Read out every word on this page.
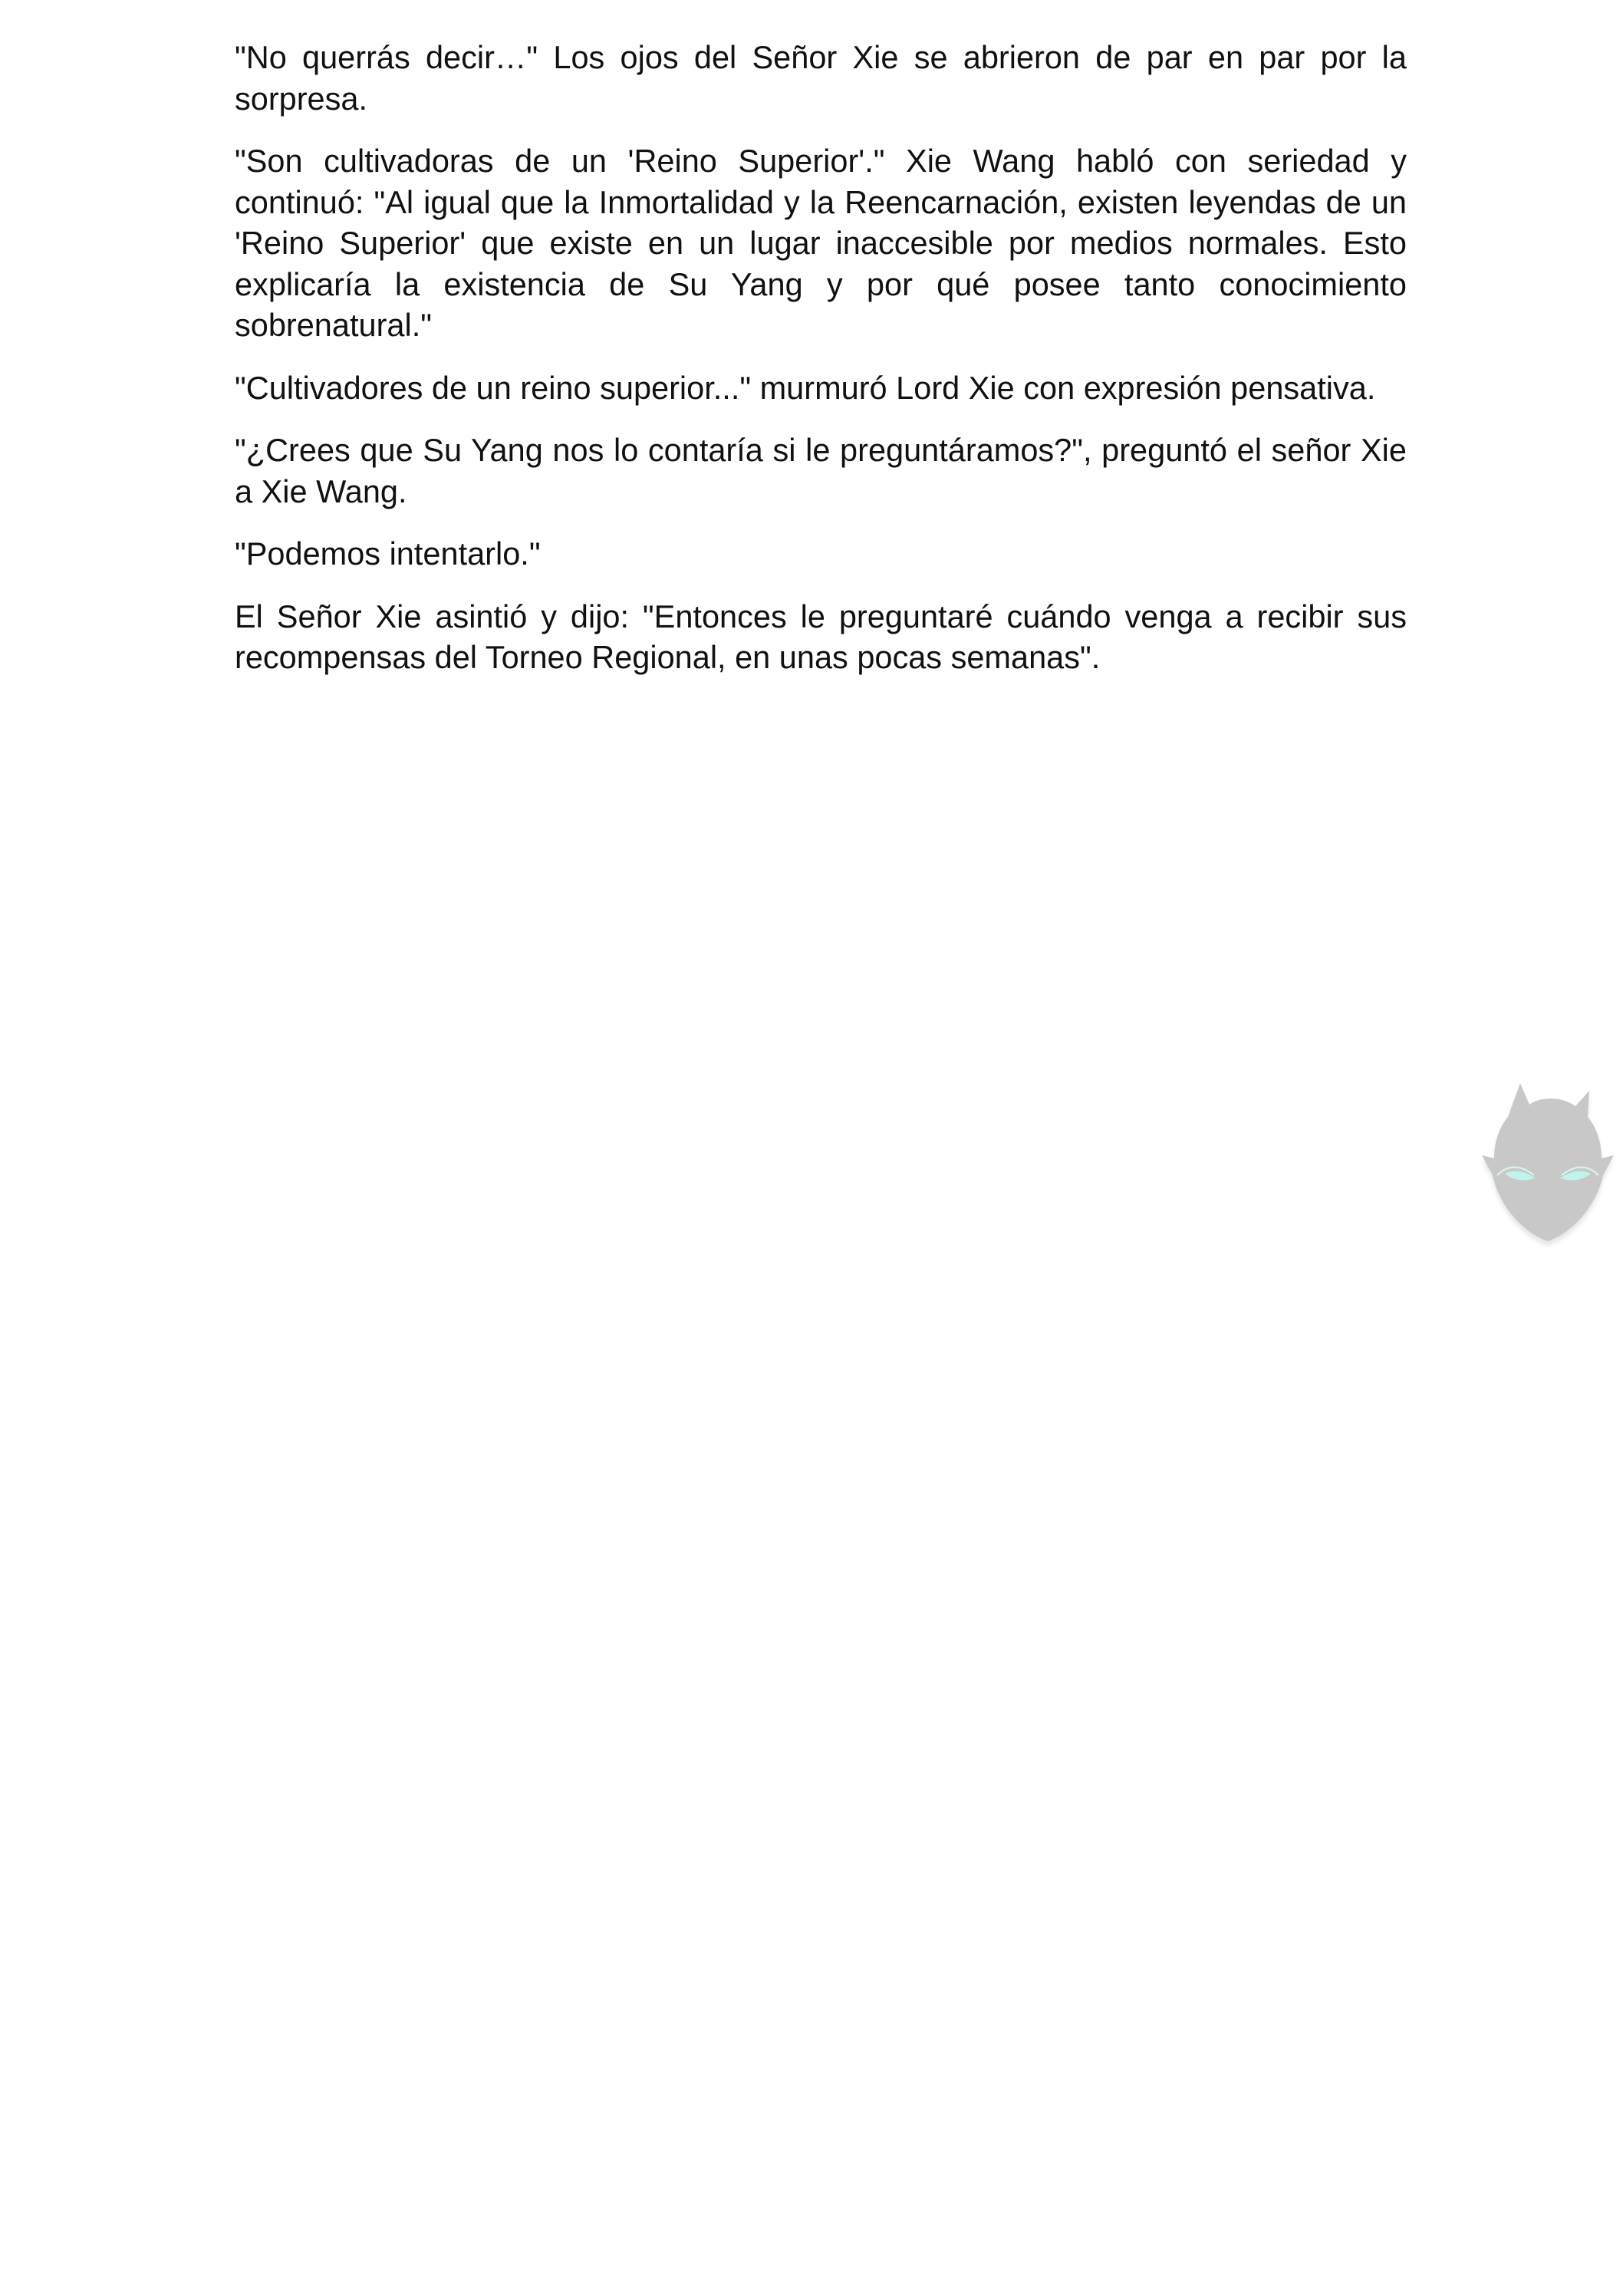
"No querrás decir…" Los ojos del Señor Xie se abrieron de par en par por la sorpresa.

"Son cultivadoras de un 'Reino Superior'." Xie Wang habló con seriedad y continuó: "Al igual que la Inmortalidad y la Reencarnación, existen leyendas de un 'Reino Superior' que existe en un lugar inaccesible por medios normales. Esto explicaría la existencia de Su Yang y por qué posee tanto conocimiento sobrenatural."

"Cultivadores de un reino superior..." murmuró Lord Xie con expresión pensativa.

"¿Crees que Su Yang nos lo contaría si le preguntáramos?", preguntó el señor Xie a Xie Wang.

"Podemos intentarlo."

El Señor Xie asintió y dijo: "Entonces le preguntaré cuándo venga a recibir sus recompensas del Torneo Regional, en unas pocas semanas".
